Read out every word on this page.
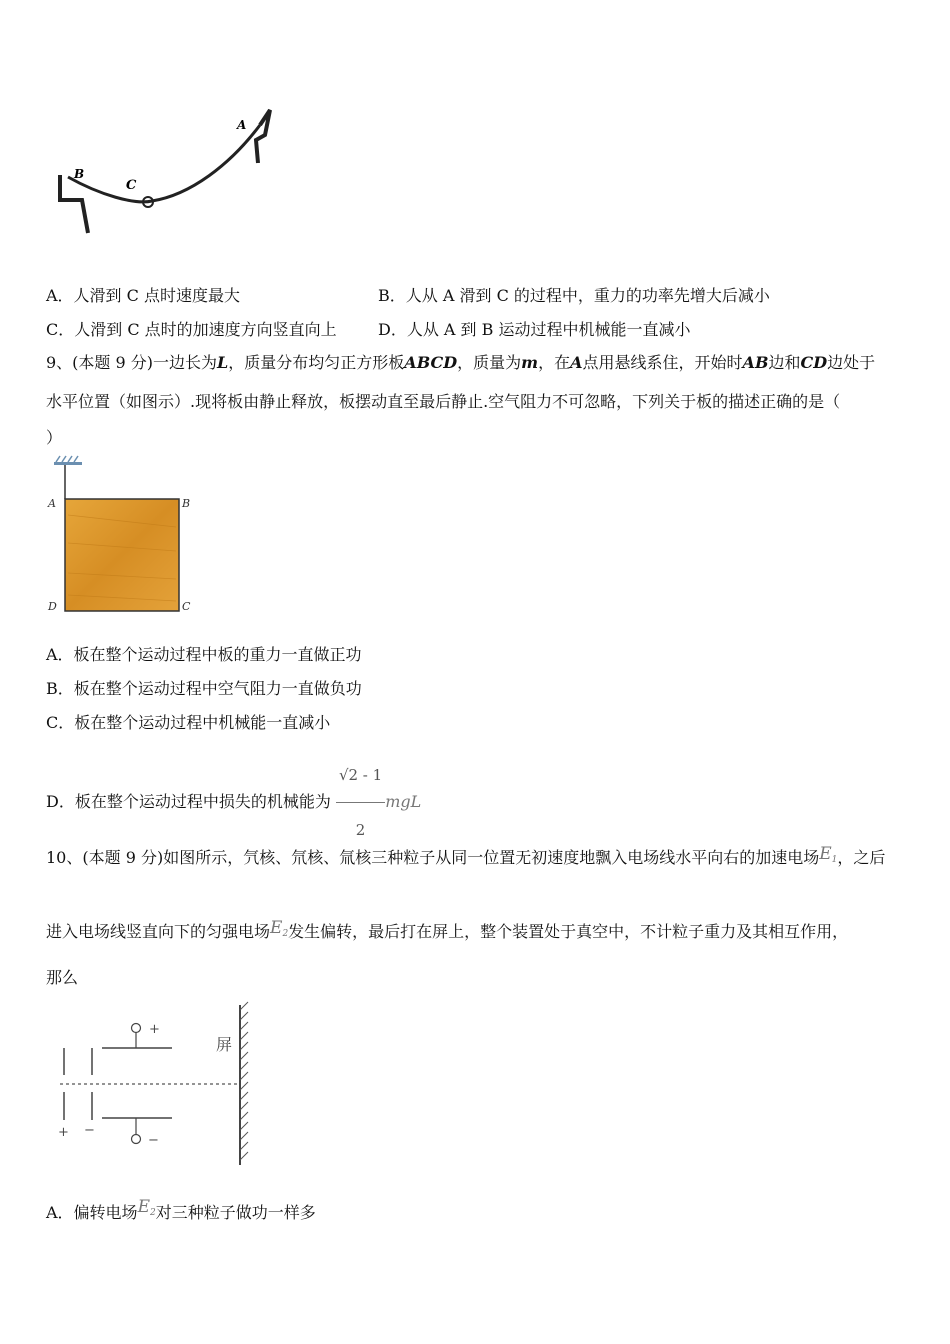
B
C
A
A．人滑到 C 点时速度最大	B．人从 A 滑到 C 的过程中，重力的功率先增大后减小
C．人滑到 C 点时的加速度方向竖直向上	D．人从 A 到 B 运动过程中机械能一直减小
9、(本题 9 分)一边长为L，质量分布均匀正方形板ABCD，质量为m，在A点用悬线系住，开始时AB边和CD边处于
水平位置（如图示）.现将板由静止释放，板摆动直至最后静止.空气阻力不可忽略，下列关于板的描述正确的是（
）
A	B
D	C
A．板在整个运动过程中板的重力一直做正功
B．板在整个运动过程中空气阻力一直做负功
C．板在整个运动过程中机械能一直减小
D．板在整个运动过程中损失的机械能为 $\frac{√2 - 1}{2}$ mgL
10、(本题 9 分)如图所示，氕核、氘核、氚核三种粒子从同一位置无初速度地飘入电场线水平向右的加速电场$E_1$，之后
进入电场线竖直向下的匀强电场$E_2$发生偏转，最后打在屏上，整个装置处于真空中，不计粒子重力及其相互作用，
那么
+ −
+
−
屏
A．偏转电场$E_2$对三种粒子做功一样多
